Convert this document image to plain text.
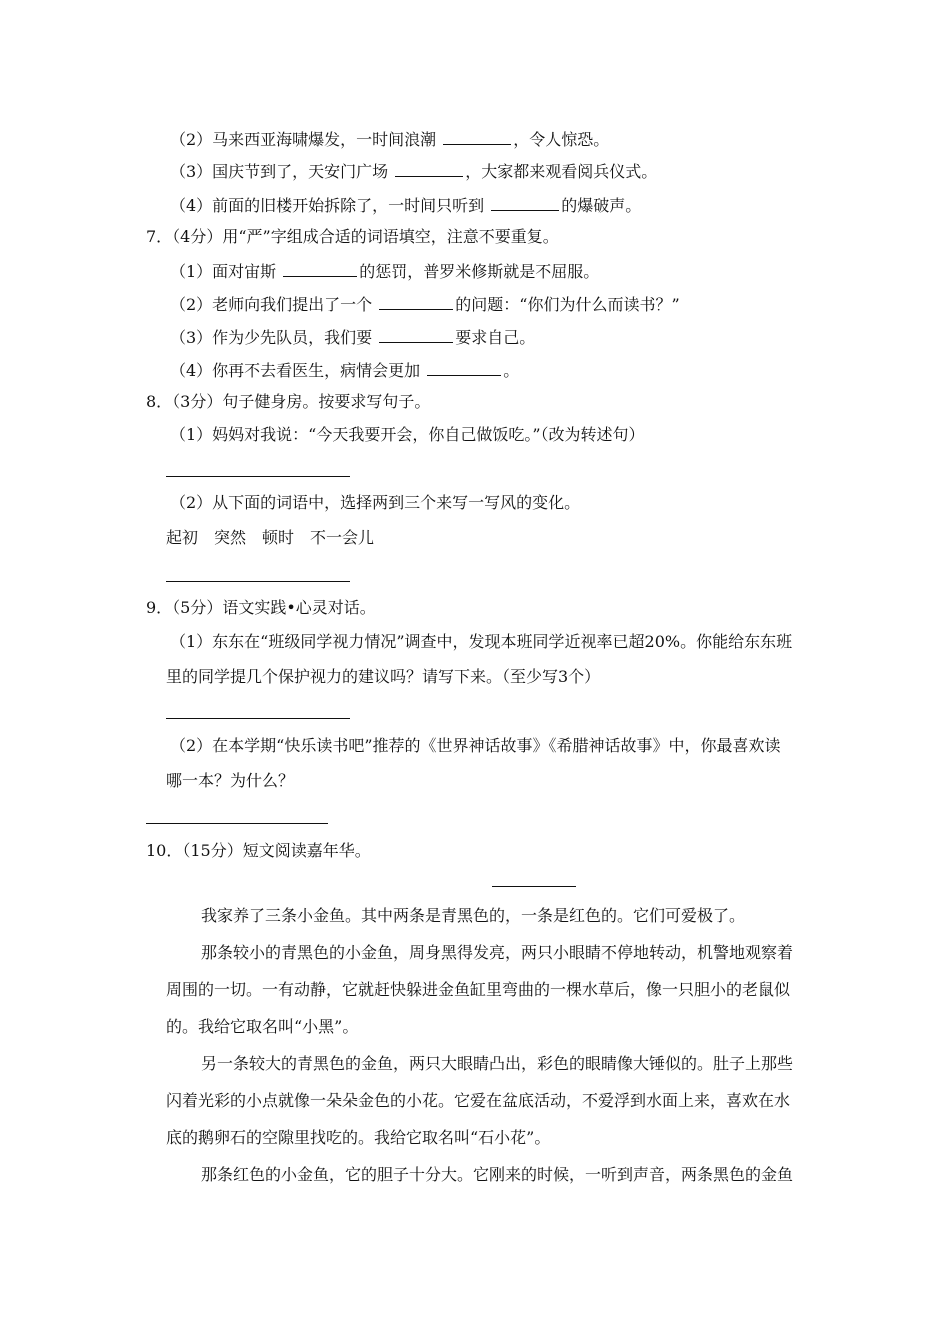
（2）马来西亚海啸爆发，一时间浪潮	，令人惊恐。
（3）国庆节到了，天安门广场	，大家都来观看阅兵仪式。
（4）前面的旧楼开始拆除了，一时间只听到	的爆破声。
7．（4分）用“严”字组成合适的词语填空，注意不要重复。
（1）面对宙斯	的惩罚，普罗米修斯就是不屈服。
（2）老师向我们提出了一个	的问题：“你们为什么而读书？”
（3）作为少先队员，我们要	要求自己。
（4）你再不去看医生，病情会更加	。
8．（3分）句子健身房。按要求写句子。
（1）妈妈对我说：“今天我要开会，你自己做饭吃。”（改为转述句）
（2）从下面的词语中，选择两到三个来写一写风的变化。
起初 突然 顿时 不一会儿
9．（5分）语文实践•心灵对话。
（1）东东在“班级同学视力情况”调查中，发现本班同学近视率已超20%。你能给东东班
里的同学提几个保护视力的建议吗？请写下来。（至少写3个）
（2）在本学期“快乐读书吧”推荐的《世界神话故事》《希腊神话故事》中，你最喜欢读
哪一本？为什么？
10．（15分）短文阅读嘉年华。
我家养了三条小金鱼。其中两条是青黑色的，一条是红色的。它们可爱极了。
那条较小的青黑色的小金鱼，周身黑得发亮，两只小眼睛不停地转动，机警地观察着
周围的一切。一有动静，它就赶快躲进金鱼缸里弯曲的一棵水草后，像一只胆小的老鼠似
的。我给它取名叫“小黑”。
另一条较大的青黑色的金鱼，两只大眼睛凸出，彩色的眼睛像大锤似的。肚子上那些
闪着光彩的小点就像一朵朵金色的小花。它爱在盆底活动，不爱浮到水面上来，喜欢在水
底的鹅卵石的空隙里找吃的。我给它取名叫“石小花”。
那条红色的小金鱼，它的胆子十分大。它刚来的时候，一听到声音，两条黑色的金鱼
